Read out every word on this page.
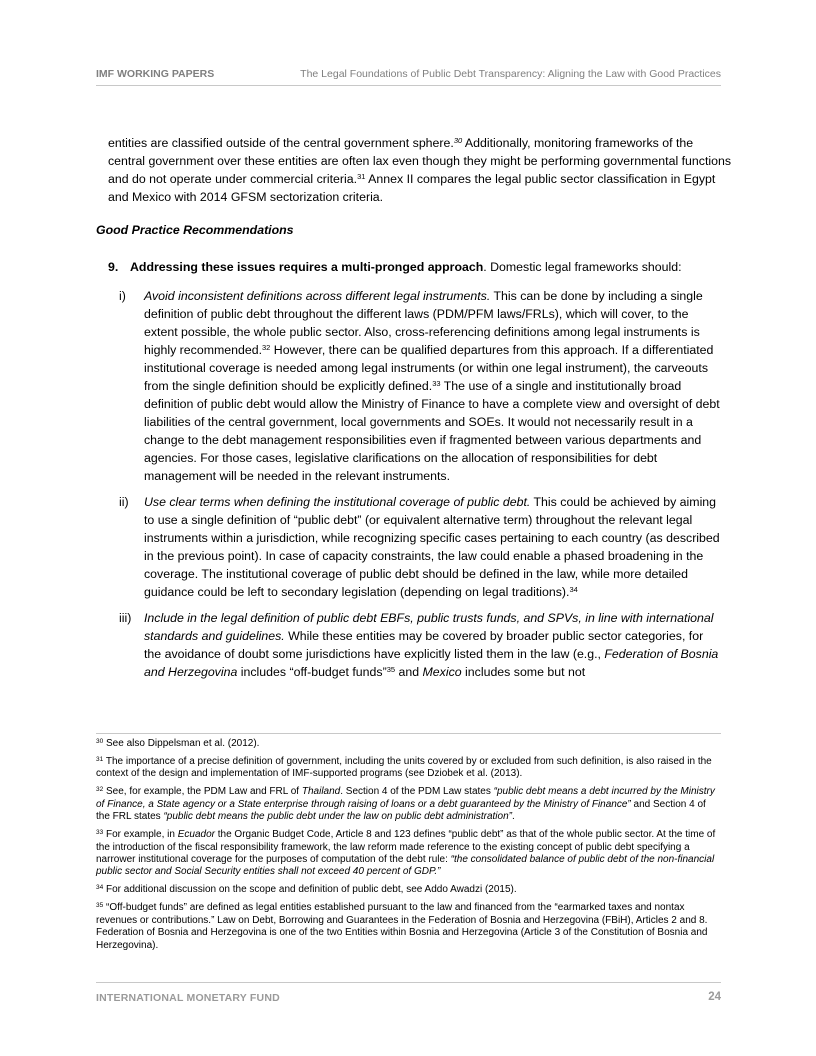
IMF WORKING PAPERS	The Legal Foundations of Public Debt Transparency: Aligning the Law with Good Practices

entities are classified outside of the central government sphere.$^{30}$ Additionally, monitoring frameworks of the central government over these entities are often lax even though they might be performing governmental functions and do not operate under commercial criteria.$^{31}$ Annex II compares the legal public sector classification in Egypt and Mexico with 2014 GFSM sectorization criteria.

Good Practice Recommendations
9. Addressing these issues requires a multi-pronged approach. Domestic legal frameworks should:
i) Avoid inconsistent definitions across different legal instruments. This can be done by including a single definition of public debt throughout the different laws (PDM/PFM laws/FRLs), which will cover, to the extent possible, the whole public sector. Also, cross-referencing definitions among legal instruments is highly recommended.$^{32}$ However, there can be qualified departures from this approach. If a differentiated institutional coverage is needed among legal instruments (or within one legal instrument), the carveouts from the single definition should be explicitly defined.$^{33}$ The use of a single and institutionally broad definition of public debt would allow the Ministry of Finance to have a complete view and oversight of debt liabilities of the central government, local governments and SOEs. It would not necessarily result in a change to the debt management responsibilities even if fragmented between various departments and agencies. For those cases, legislative clarifications on the allocation of responsibilities for debt management will be needed in the relevant instruments.
ii) Use clear terms when defining the institutional coverage of public debt. This could be achieved by aiming to use a single definition of “public debt” (or equivalent alternative term) throughout the relevant legal instruments within a jurisdiction, while recognizing specific cases pertaining to each country (as described in the previous point). In case of capacity constraints, the law could enable a phased broadening in the coverage. The institutional coverage of public debt should be defined in the law, while more detailed guidance could be left to secondary legislation (depending on legal traditions).$^{34}$
iii) Include in the legal definition of public debt EBFs, public trusts funds, and SPVs, in line with international standards and guidelines. While these entities may be covered by broader public sector categories, for the avoidance of doubt some jurisdictions have explicitly listed them in the law (e.g., Federation of Bosnia and Herzegovina includes “off-budget funds”$^{35}$ and Mexico includes some but not

$^{30}$ See also Dippelsman et al. (2012).

$^{31}$ The importance of a precise definition of government, including the units covered by or excluded from such definition, is also raised in the context of the design and implementation of IMF-supported programs (see Dziobek et al. (2013).

$^{32}$ See, for example, the PDM Law and FRL of Thailand. Section 4 of the PDM Law states “public debt means a debt incurred by the Ministry of Finance, a State agency or a State enterprise through raising of loans or a debt guaranteed by the Ministry of Finance” and Section 4 of the FRL states “public debt means the public debt under the law on public debt administration”.

$^{33}$ For example, in Ecuador the Organic Budget Code, Article 8 and 123 defines “public debt” as that of the whole public sector. At the time of the introduction of the fiscal responsibility framework, the law reform made reference to the existing concept of public debt specifying a narrower institutional coverage for the purposes of computation of the debt rule: “the consolidated balance of public debt of the non-financial public sector and Social Security entities shall not exceed 40 percent of GDP.”

$^{34}$ For additional discussion on the scope and definition of public debt, see Addo Awadzi (2015).

$^{35}$ “Off-budget funds” are defined as legal entities established pursuant to the law and financed from the “earmarked taxes and nontax revenues or contributions.” Law on Debt, Borrowing and Guarantees in the Federation of Bosnia and Herzegovina (FBiH), Articles 2 and 8. Federation of Bosnia and Herzegovina is one of the two Entities within Bosnia and Herzegovina (Article 3 of the Constitution of Bosnia and Herzegovina).

INTERNATIONAL MONETARY FUND	24
